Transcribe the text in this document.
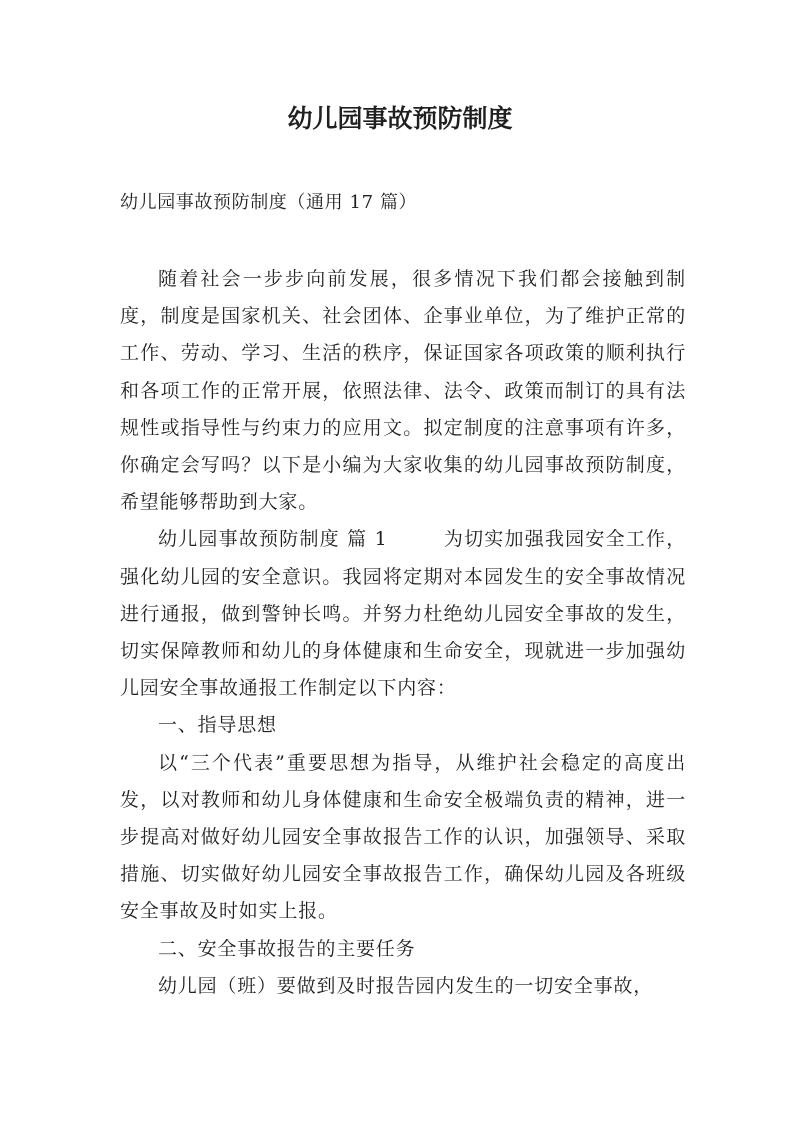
幼儿园事故预防制度

幼儿园事故预防制度（通用 17 篇）

随着社会一步步向前发展，很多情况下我们都会接触到制度，制度是国家机关、社会团体、企事业单位，为了维护正常的工作、劳动、学习、生活的秩序，保证国家各项政策的顺利执行和各项工作的正常开展，依照法律、法令、政策而制订的具有法规性或指导性与约束力的应用文。拟定制度的注意事项有许多，你确定会写吗？以下是小编为大家收集的幼儿园事故预防制度，希望能够帮助到大家。

幼儿园事故预防制度 篇 1	为切实加强我园安全工作，强化幼儿园的安全意识。我园将定期对本园发生的安全事故情况进行通报，做到警钟长鸣。并努力杜绝幼儿园安全事故的发生，切实保障教师和幼儿的身体健康和生命安全，现就进一步加强幼儿园安全事故通报工作制定以下内容：

一、指导思想

以“三个代表”重要思想为指导，从维护社会稳定的高度出发，以对教师和幼儿身体健康和生命安全极端负责的精神，进一步提高对做好幼儿园安全事故报告工作的认识，加强领导、采取措施、切实做好幼儿园安全事故报告工作，确保幼儿园及各班级安全事故及时如实上报。

二、安全事故报告的主要任务

幼儿园（班）要做到及时报告园内发生的一切安全事故，
